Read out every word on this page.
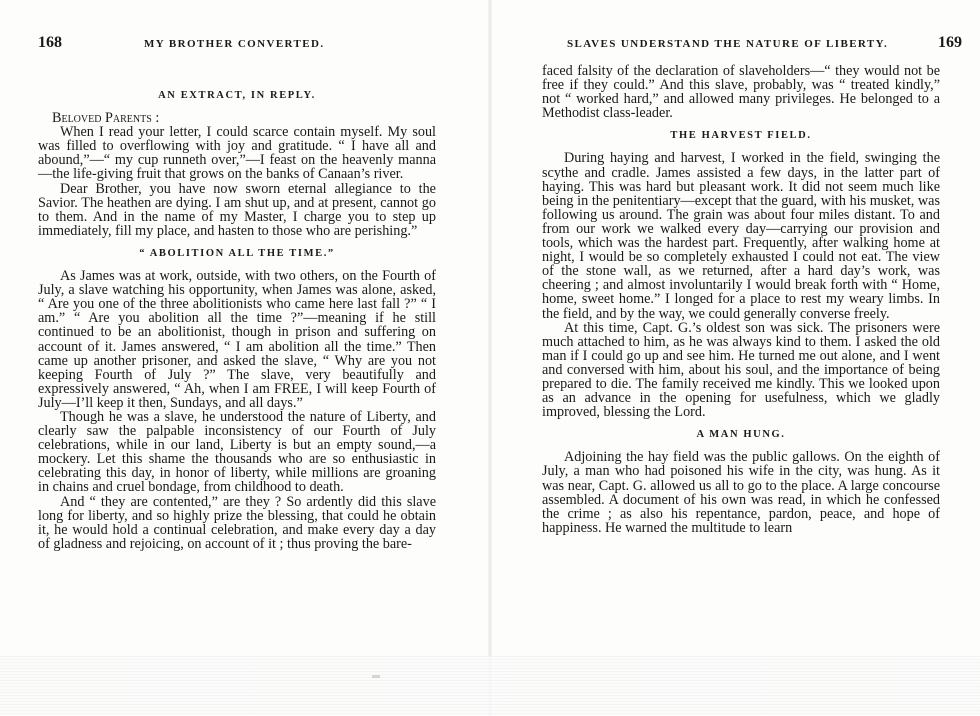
168	MY BROTHER CONVERTED.
AN EXTRACT, IN REPLY.

Beloved Parents :

When I read your letter, I could scarce contain myself. My soul was filled to overflowing with joy and gratitude. “ I have all and abound,”—“ my cup runneth over,”—I feast on the heavenly manna—the life-giving fruit that grows on the banks of Canaan’s river.

Dear Brother, you have now sworn eternal allegiance to the Savior. The heathen are dying. I am shut up, and at present, cannot go to them. And in the name of my Master, I charge you to step up immediately, fill my place, and hasten to those who are perishing.”

“ ABOLITION ALL THE TIME.”

As James was at work, outside, with two others, on the Fourth of July, a slave watching his opportunity, when James was alone, asked, “ Are you one of the three abolitionists who came here last fall ?” “ I am.” “ Are you abolition all the time ?”—meaning if he still continued to be an abolitionist, though in prison and suffering on account of it. James answered, “ I am abolition all the time.” Then came up another prisoner, and asked the slave, “ Why are you not keeping Fourth of July ?” The slave, very beautifully and expressively answered, “ Ah, when I am FREE, I will keep Fourth of July—I’ll keep it then, Sundays, and all days.”

Though he was a slave, he understood the nature of Liberty, and clearly saw the palpable inconsistency of our Fourth of July celebrations, while in our land, Liberty is but an empty sound,—a mockery. Let this shame the thousands who are so enthusiastic in celebrating this day, in honor of liberty, while millions are groaning in chains and cruel bondage, from childhood to death.

And “ they are contented,” are they ? So ardently did this slave long for liberty, and so highly prize the blessing, that could he obtain it, he would hold a continual celebration, and make every day a day of gladness and rejoicing, on account of it ; thus proving the bare-

SLAVES UNDERSTAND THE NATURE OF LIBERTY.	169

faced falsity of the declaration of slaveholders—“ they would not be free if they could.” And this slave, probably, was “ treated kindly,” not “ worked hard,” and allowed many privileges. He belonged to a Methodist class-leader.

THE HARVEST FIELD.

During haying and harvest, I worked in the field, swinging the scythe and cradle. James assisted a few days, in the latter part of haying. This was hard but pleasant work. It did not seem much like being in the penitentiary—except that the guard, with his musket, was following us around. The grain was about four miles distant. To and from our work we walked every day—carrying our provision and tools, which was the hardest part. Frequently, after walking home at night, I would be so completely exhausted I could not eat. The view of the stone wall, as we returned, after a hard day’s work, was cheering ; and almost involuntarily I would break forth with “ Home, home, sweet home.” I longed for a place to rest my weary limbs. In the field, and by the way, we could generally converse freely.

At this time, Capt. G.’s oldest son was sick. The prisoners were much attached to him, as he was always kind to them. I asked the old man if I could go up and see him. He turned me out alone, and I went and conversed with him, about his soul, and the importance of being prepared to die. The family received me kindly. This we looked upon as an advance in the opening for usefulness, which we gladly improved, blessing the Lord.

A MAN HUNG.

Adjoining the hay field was the public gallows. On the eighth of July, a man who had poisoned his wife in the city, was hung. As it was near, Capt. G. allowed us all to go to the place. A large concourse assembled. A document of his own was read, in which he confessed the crime ; as also his repentance, pardon, peace, and hope of happiness. He warned the multitude to learn
